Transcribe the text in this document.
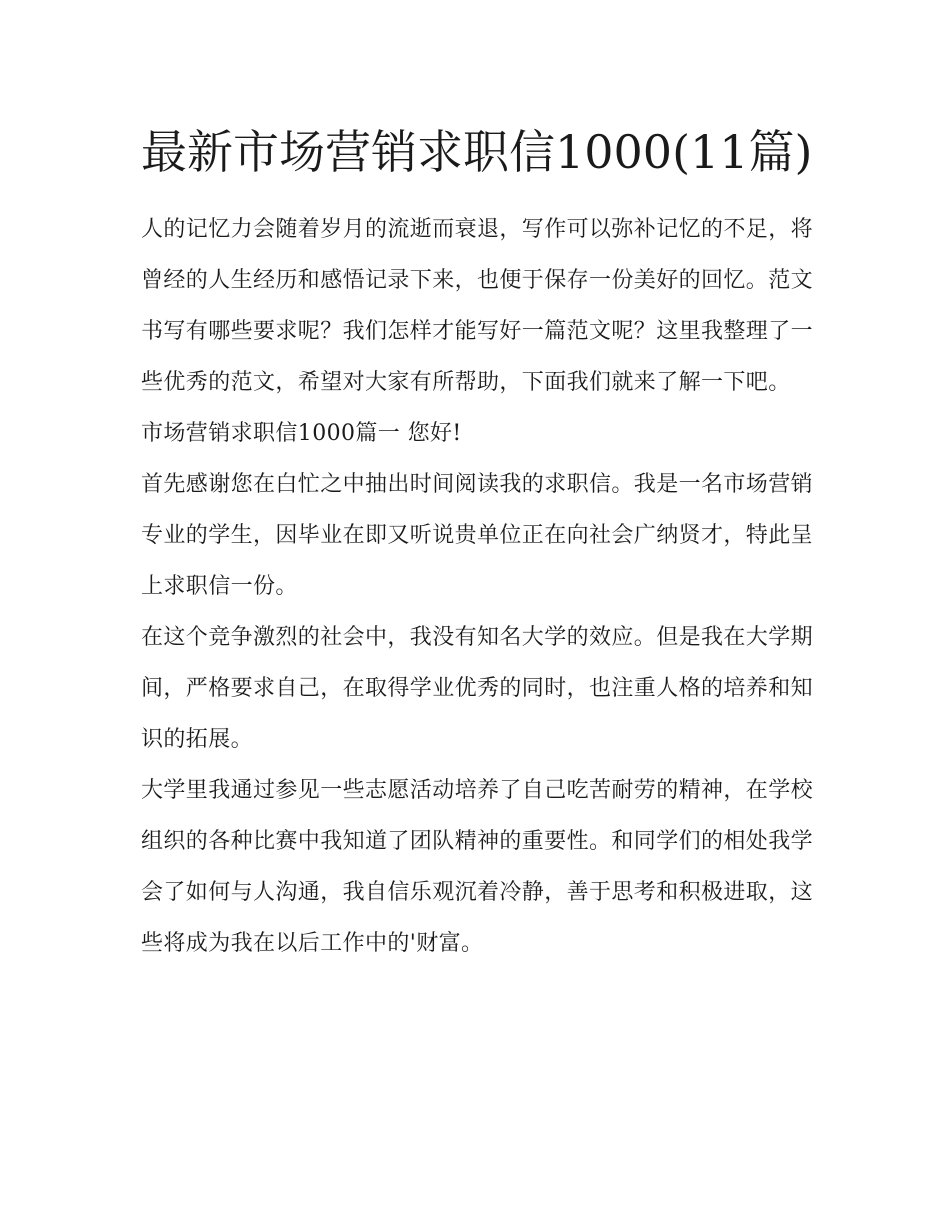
最新市场营销求职信1000(11篇)

人的记忆力会随着岁月的流逝而衰退，写作可以弥补记忆的不足，将曾经的人生经历和感悟记录下来，也便于保存一份美好的回忆。范文书写有哪些要求呢？我们怎样才能写好一篇范文呢？这里我整理了一些优秀的范文，希望对大家有所帮助，下面我们就来了解一下吧。

市场营销求职信1000篇一 您好!

首先感谢您在白忙之中抽出时间阅读我的求职信。我是一名市场营销专业的学生，因毕业在即又听说贵单位正在向社会广纳贤才，特此呈上求职信一份。

在这个竞争激烈的社会中，我没有知名大学的效应。但是我在大学期间，严格要求自己，在取得学业优秀的同时，也注重人格的培养和知识的拓展。

大学里我通过参见一些志愿活动培养了自己吃苦耐劳的精神，在学校组织的各种比赛中我知道了团队精神的重要性。和同学们的相处我学会了如何与人沟通，我自信乐观沉着冷静，善于思考和积极进取，这些将成为我在以后工作中的'财富。
